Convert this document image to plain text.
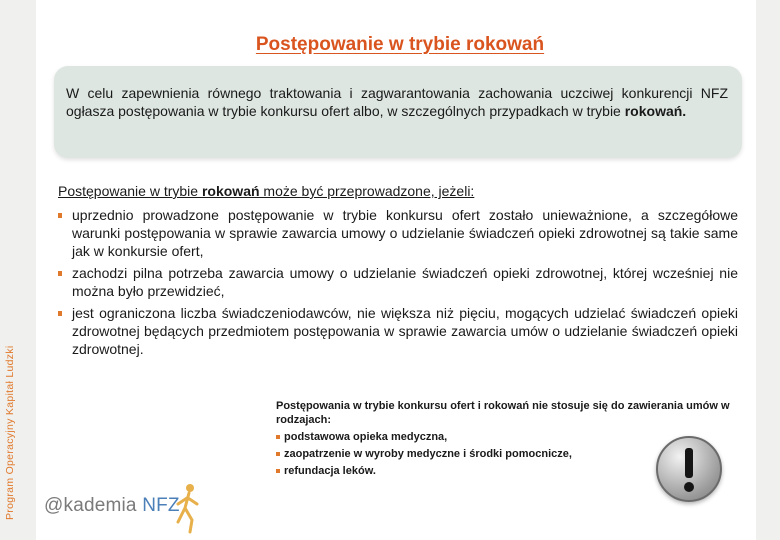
Program Operacyjny Kapitał Ludzki
Postępowanie w trybie rokowań
W celu zapewnienia równego traktowania i zagwarantowania zachowania uczciwej konkurencji NFZ ogłasza postępowania w trybie konkursu ofert albo, w szczególnych przypadkach w trybie rokowań.
Postępowanie w trybie rokowań może być przeprowadzone, jeżeli:
uprzednio prowadzone postępowanie w trybie konkursu ofert zostało unieważnione, a szczegółowe warunki postępowania w sprawie zawarcia umowy o udzielanie świadczeń opieki zdrowotnej są takie same jak w konkursie ofert,
zachodzi pilna potrzeba zawarcia umowy o udzielanie świadczeń opieki zdrowotnej, której wcześniej nie można było przewidzieć,
jest ograniczona liczba świadczeniodawców, nie większa niż pięciu, mogących udzielać świadczeń opieki zdrowotnej będących przedmiotem postępowania w sprawie zawarcia umów o udzielanie świadczeń opieki zdrowotnej.
Postępowania w trybie konkursu ofert i rokowań nie stosuje się do zawierania umów w rodzajach:
podstawowa opieka medyczna,
zaopatrzenie w wyroby medyczne i środki pomocnicze,
refundacja leków.
@kademia NFZ
